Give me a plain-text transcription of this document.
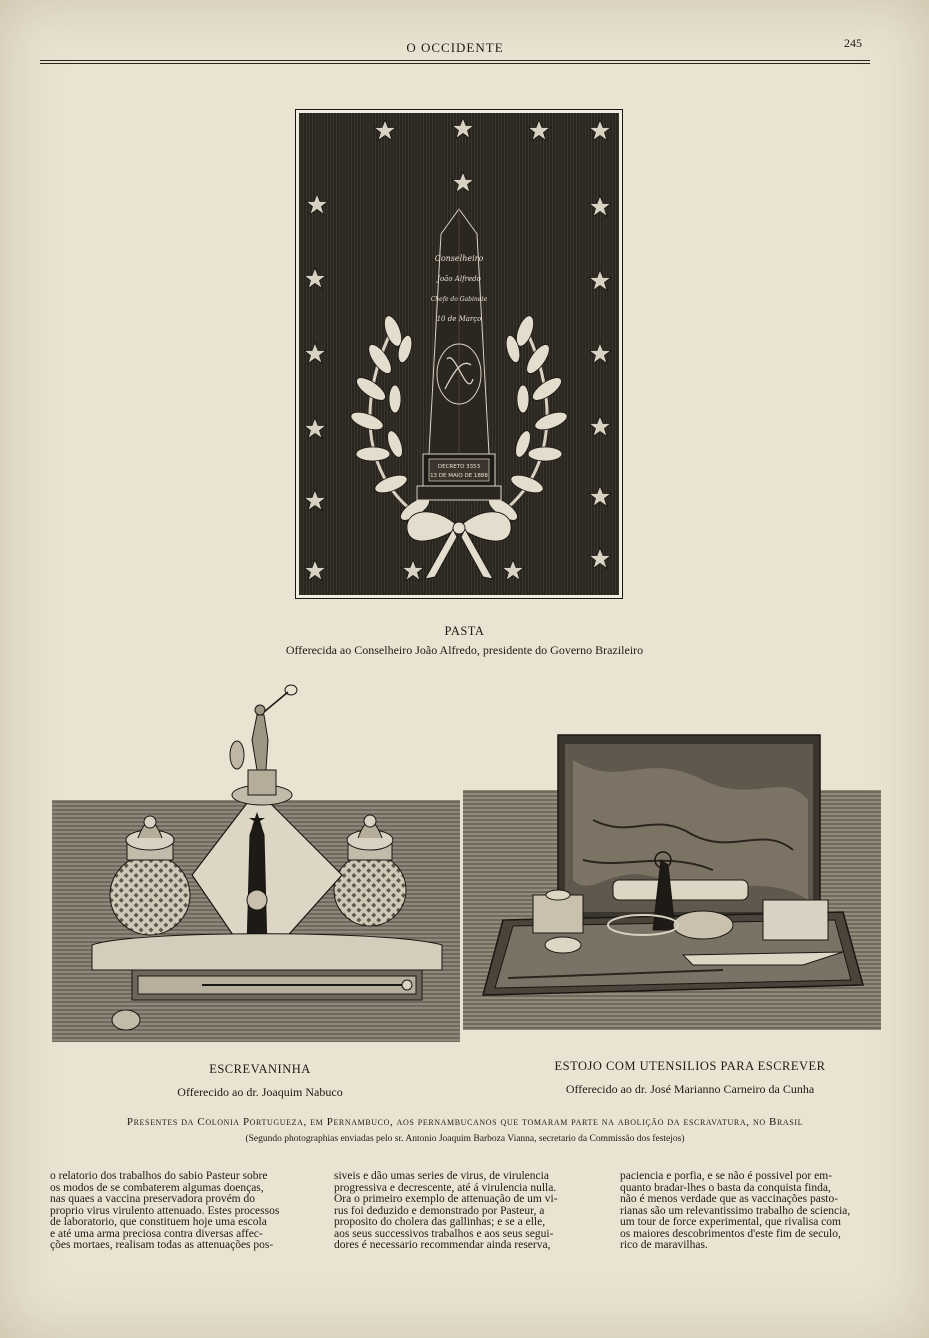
O OCCIDENTE	245
Conselheiro
João Alfredo
Chefe do Gabinete
10 de Março
DECRETO 3353
13 DE MAIO DE 1888
PASTA
Offerecida ao Conselheiro João Alfredo, presidente do Governo Brazileiro
ESCREVANINHA
Offerecido ao dr. Joaquim Nabuco
ESTOJO COM UTENSILIOS PARA ESCREVER
Offerecido ao dr. José Marianno Carneiro da Cunha
Presentes da Colonia Portugueza, em Pernambuco, aos pernambucanos que tomaram parte na abolição da escravatura, no Brasil
(Segundo photographias enviadas pelo sr. Antonio Joaquim Barboza Vianna, secretario da Commissão dos festejos)
o relatorio dos trabalhos do sabio Pasteur sobre
os modos de se combaterem algumas doenças,
nas quaes a vaccina preservadora provém do
proprio virus virulento attenuado. Estes processos
de laboratorio, que constituem hoje uma escola
e até uma arma preciosa contra diversas affec-
ções mortaes, realisam todas as attenuações pos-
siveis e dão umas series de virus, de virulencia
progressiva e decrescente, até á virulencia nulla.
Ora o primeiro exemplo de attenuação de um vi-
rus foi deduzido e demonstrado por Pasteur, a
proposito do cholera das gallinhas; e se a elle,
aos seus successivos trabalhos e aos seus segui-
dores é necessario recommendar ainda reserva,
paciencia e porfia, e se não é possivel por em-
quanto bradar-lhes o basta da conquista finda,
não é menos verdade que as vaccinações pasto-
rianas são um relevantissimo trabalho de sciencia,
um tour de force experimental, que rivalisa com
os maiores descobrimentos d'este fim de seculo,
rico de maravilhas.
